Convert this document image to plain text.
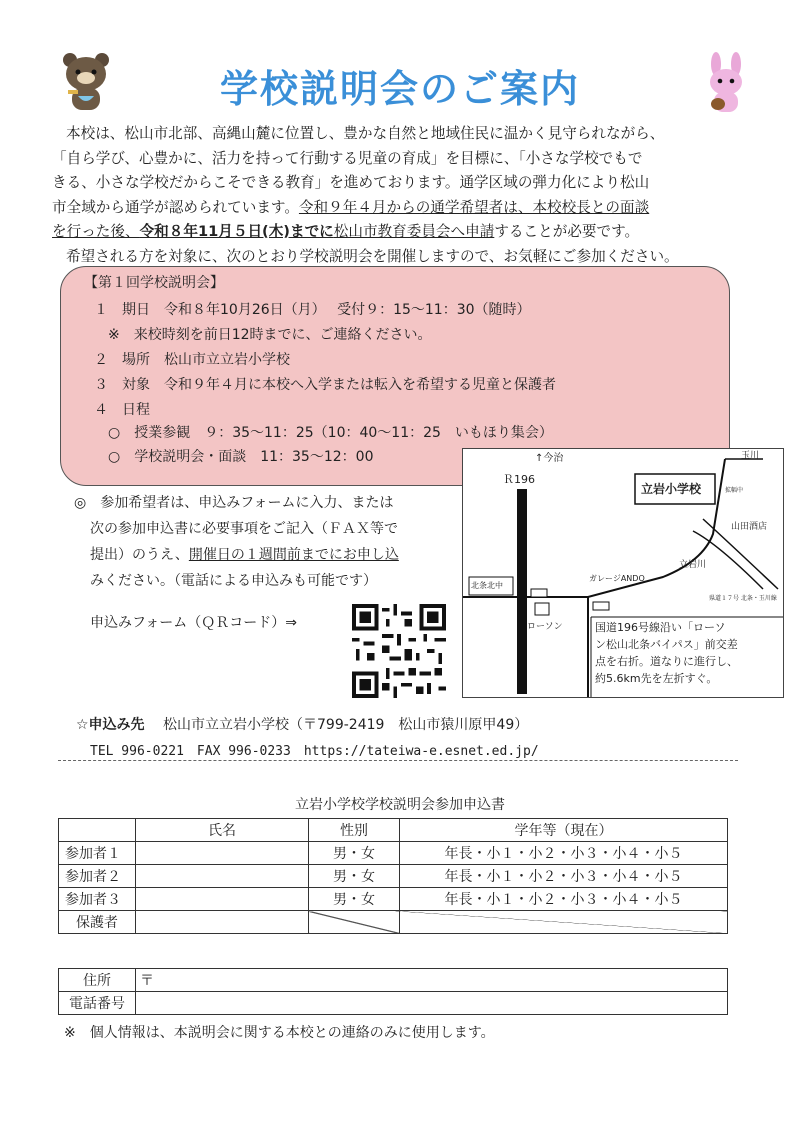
学校説明会のご案内

本校は、松山市北部、高縄山麓に位置し、豊かな自然と地域住民に温かく見守られながら、

「自ら学び、心豊かに、活力を持って行動する児童の育成」を目標に、「小さな学校でもで

きる、小さな学校だからこそできる教育」を進めております。通学区域の弾力化により松山

市全域から通学が認められています。令和９年４月からの通学希望者は、本校校長との面談

を行った後、令和８年11月５日(木)までに松山市教育委員会へ申請することが必要です。

希望される方を対象に、次のとおり学校説明会を開催しますので、お気軽にご参加ください。

【第１回学校説明会】
１　期日　令和８年10月26日（月）　 受付９：15～11：30（随時）
※　来校時刻を前日12時までに、ご連絡ください。
２　場所　松山市立立岩小学校
３　対象　令和９年４月に本校へ入学または転入を希望する児童と保護者
４　日程
○　授業参観　９：35～11：25（10：40～11：25　いもほり集会）
○　学校説明会・面談　11：35～12：00
◎　参加希望者は、申込みフォームに入力、または
次の参加申込書に必要事項をご記入（ＦＡＸ等で
提出）のうえ、開催日の１週間前までにお申し込
みください。（電話による申込みも可能です）
申込みフォーム（ＱＲコード）⇒
↑今治
Ｒ196
立岩小学校
玉川
山田酒店
立岩川
北条北中
ガレージANDO
ローソン
県道１７号 北条・玉川線
拡幅中
国道196号線沿い「ローソ
ン松山北条バイパス」前交差
点を右折。道なりに進行し、
約5.6km先を左折すぐ。
☆申込み先 松山市立立岩小学校（〒799-2419　松山市猿川原甲49）
TEL 996-0221　FAX 996-0233　https://tateiwa-e.esnet.ed.jp/
立岩小学校学校説明会参加申込書
	氏名	性別	学年等（現在）
参加者１		男・女	年長・小１・小２・小３・小４・小５
参加者２		男・女	年長・小１・小２・小３・小４・小５
参加者３		男・女	年長・小１・小２・小３・小４・小５
保護者			
住所	〒
電話番号	
※　個人情報は、本説明会に関する本校との連絡のみに使用します。
